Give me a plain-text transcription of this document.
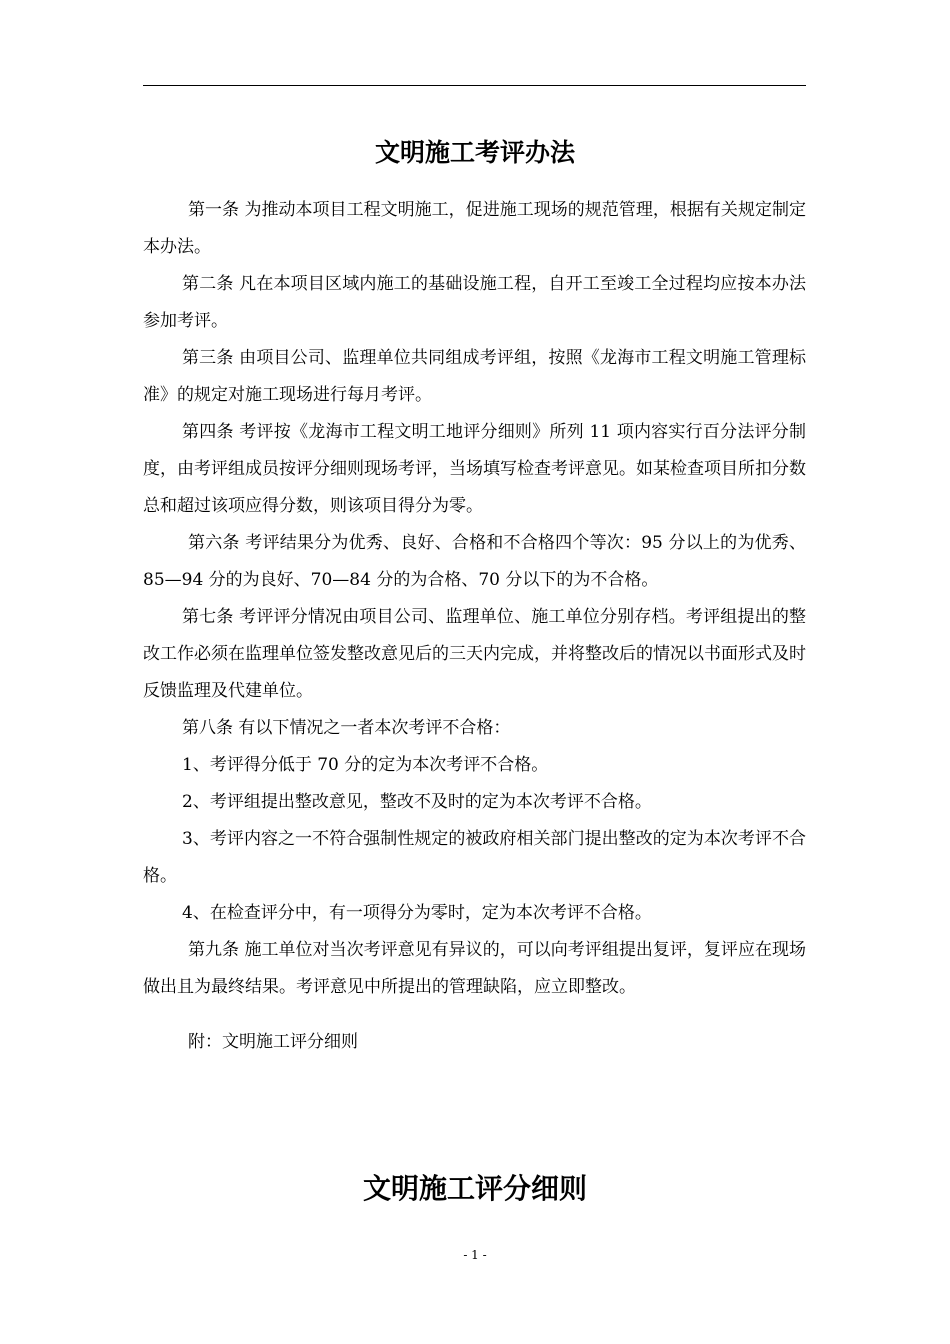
文明施工考评办法

第一条 为推动本项目工程文明施工，促进施工现场的规范管理，根据有关规定制定本办法。

第二条 凡在本项目区域内施工的基础设施工程，自开工至竣工全过程均应按本办法参加考评。

第三条 由项目公司、监理单位共同组成考评组，按照《龙海市工程文明施工管理标准》的规定对施工现场进行每月考评。

第四条 考评按《龙海市工程文明工地评分细则》所列 11 项内容实行百分法评分制度，由考评组成员按评分细则现场考评，当场填写检查考评意见。如某检查项目所扣分数总和超过该项应得分数，则该项目得分为零。

第六条 考评结果分为优秀、良好、合格和不合格四个等次：95 分以上的为优秀、85—94 分的为良好、70—84 分的为合格、70 分以下的为不合格。

第七条 考评评分情况由项目公司、监理单位、施工单位分别存档。考评组提出的整改工作必须在监理单位签发整改意见后的三天内完成，并将整改后的情况以书面形式及时反馈监理及代建单位。

第八条 有以下情况之一者本次考评不合格：

1、考评得分低于 70 分的定为本次考评不合格。

2、考评组提出整改意见，整改不及时的定为本次考评不合格。

3、考评内容之一不符合强制性规定的被政府相关部门提出整改的定为本次考评不合格。

4、在检查评分中，有一项得分为零时，定为本次考评不合格。

第九条 施工单位对当次考评意见有异议的，可以向考评组提出复评，复评应在现场做出且为最终结果。考评意见中所提出的管理缺陷，应立即整改。

附：文明施工评分细则

文明施工评分细则
- 1 -
